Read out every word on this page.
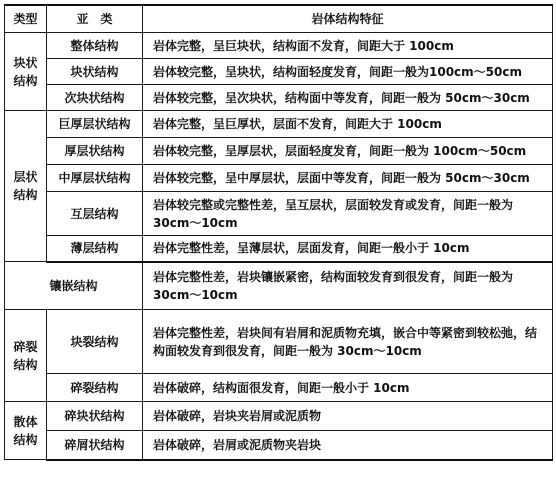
类型	亚　类	岩体结构特征

块状
结构	整体结构	岩体完整，呈巨块状，结构面不发育，间距大于 100cm
	块状结构	岩体较完整，呈块状，结构面轻度发育，间距一般为100cm～50cm
	次块状结构	岩体较完整，呈次块状，结构面中等发育，间距一般为 50cm～30cm

层状
结构	巨厚层状结构	岩体完整，呈巨厚状，层面不发育，间距大于 100cm
	厚层状结构	岩体较完整，呈厚层状，层面轻度发育，间距一般为 100cm～50cm
	中厚层状结构	岩体较完整，呈中厚层状，层面中等发育，间距一般为 50cm～30cm
	互层结构	岩体较完整或完整性差，呈互层状，层面较发育或发育，间距一般为 30cm～10cm
	薄层结构	岩体完整性差，呈薄层状，层面发育，间距一般小于 10cm
镶嵌结构		岩体完整性差，岩块镶嵌紧密，结构面较发育到很发育，间距一般为 30cm～10cm

碎裂
结构	块裂结构	岩体完整性差，岩块间有岩屑和泥质物充填，嵌合中等紧密到较松弛，结构面较发育到很发育，间距一般为 30cm～10cm
	碎裂结构	岩体破碎，结构面很发育，间距一般小于 10cm

散体
结构	碎块状结构	岩体破碎，岩块夹岩屑或泥质物
	碎屑状结构	岩体破碎，岩屑或泥质物夹岩块
